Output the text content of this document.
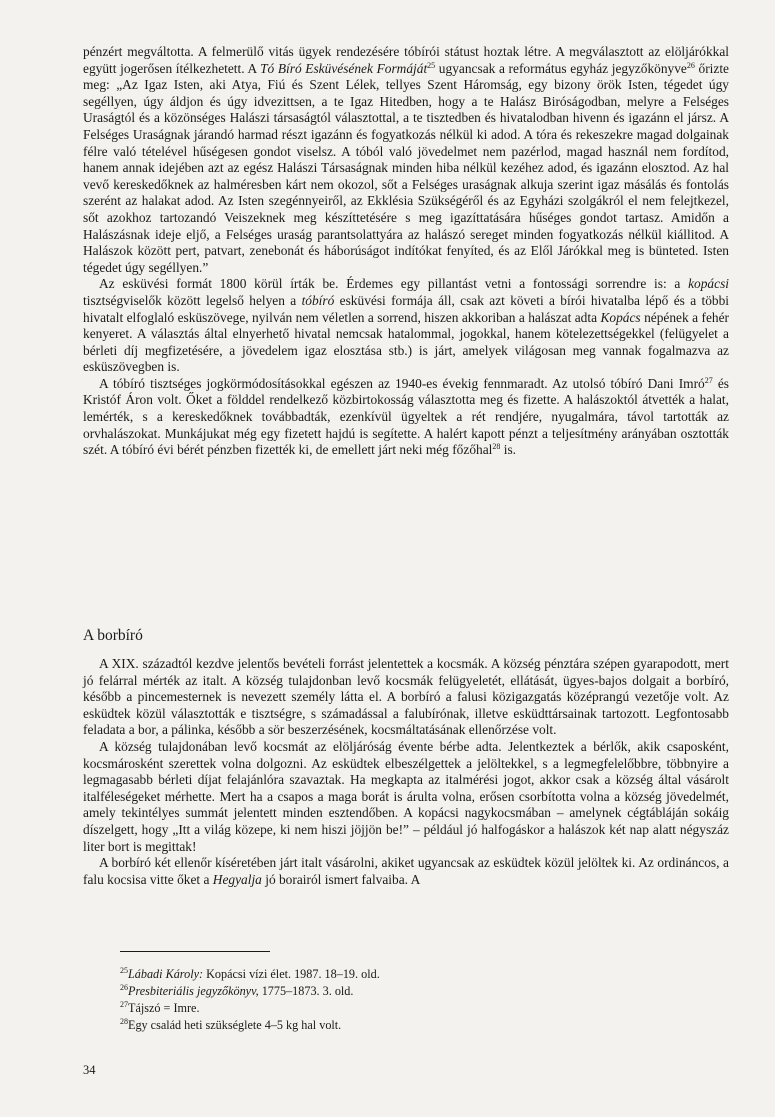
pénzért megváltotta. A felmerülő vitás ügyek rendezésére tóbírói státust hoztak létre. A megválasztott az elöljárókkal együtt jogerősen ítélkezhetett. A Tó Bíró Esküvésének Formáját$^{25}$ ugyancsak a református egyház jegyzőkönyve$^{26}$ őrizte meg: „Az Igaz Isten, aki Atya, Fiú és Szent Lélek, tellyes Szent Háromság, egy bizony örök Isten, tégedet úgy segéllyen, úgy áldjon és úgy idvezittsen, a te Igaz Hitedben, hogy a te Halász Biróságodban, melyre a Felséges Uraságtól és a közönséges Halászi társaságtól választottal, a te tisztedben és hivatalodban hivenn és igazánn el jársz. A Felséges Uraságnak járandó harmad részt igazánn és fogyatkozás nélkül ki adod. A tóra és rekeszekre magad dolgainak félre való tételével hűségesen gondot viselsz. A tóból való jövedelmet nem pazérlod, magad használ nem fordítod, hanem annak idejében azt az egész Halászi Társaságnak minden hiba nélkül kezéhez adod, és igazánn elosztod. Az hal vevő kereskedőknek az halméresben kárt nem okozol, sőt a Felséges uraságnak alkuja szerint igaz másálás és fontolás szerént az halakat adod. Az Isten szegénnyeiről, az Ekklésia Szükségéről és az Egyházi szolgákról el nem felejtkezel, sőt azokhoz tartozandó Veiszeknek meg készíttetésére s meg igazíttatására hűséges gondot tartasz. Amidőn a Halászásnak ideje eljő, a Felséges uraság parantsolattyára az halászó sereget minden fogyatkozás nélkül kiállitod. A Halászok között pert, patvart, zenebonát és háborúságot indítókat fenyíted, és az Elől Járókkal meg is bünteted. Isten tégedet úgy segéllyen.”

Az esküvési formát 1800 körül írták be. Érdemes egy pillantást vetni a fontossági sorrendre is: a kopácsi tisztségviselők között legelső helyen a tóbíró esküvési formája áll, csak azt követi a bírói hivatalba lépő és a többi hivatalt elfoglaló esküszövege, nyilván nem véletlen a sorrend, hiszen akkoriban a halászat adta Kopács népének a fehér kenyeret. A választás által elnyerhető hivatal nemcsak hatalommal, jogokkal, hanem kötelezettségekkel (felügyelet a bérleti díj megfizetésére, a jövedelem igaz elosztása stb.) is járt, amelyek világosan meg vannak fogalmazva az esküszövegben is.

A tóbíró tisztséges jogkörmódosításokkal egészen az 1940-es évekig fennmaradt. Az utolsó tóbíró Dani Imró$^{27}$ és Kristóf Áron volt. Őket a földdel rendelkező közbirtokosság választotta meg és fizette. A halászoktól átvették a halat, lemérték, s a kereskedőknek továbbadták, ezenkívül ügyeltek a rét rendjére, nyugalmára, távol tartották az orvhalászokat. Munkájukat még egy fizetett hajdú is segítette. A halért kapott pénzt a teljesítmény arányában osztották szét. A tóbíró évi bérét pénzben fizették ki, de emellett járt neki még főzőhal$^{28}$ is.

A borbíró

A XIX. századtól kezdve jelentős bevételi forrást jelentettek a kocsmák. A község pénztára szépen gyarapodott, mert jó felárral mérték az italt. A község tulajdonban levő kocsmák felügyeletét, ellátását, ügyes-bajos dolgait a borbíró, később a pincemesternek is nevezett személy látta el. A borbíró a falusi közigazgatás középrangú vezetője volt. Az esküdtek közül választották e tisztségre, s számadással a falubírónak, illetve esküdttársainak tartozott. Legfontosabb feladata a bor, a pálinka, később a sör beszerzésének, kocsmáltatásának ellenőrzése volt.

A község tulajdonában levő kocsmát az elöljáróság évente bérbe adta. Jelentkeztek a bérlők, akik csaposként, kocsmárosként szerettek volna dolgozni. Az esküdtek elbeszélgettek a jelöltekkel, s a legmegfelelőbbre, többnyire a legmagasabb bérleti díjat felajánlóra szavaztak. Ha megkapta az italmérési jogot, akkor csak a község által vásárolt italféleségeket mérhette. Mert ha a csapos a maga borát is árulta volna, erősen csorbította volna a község jövedelmét, amely tekintélyes summát jelentett minden esztendőben. A kopácsi nagykocsmában – amelynek cégtábláján sokáig díszelgett, hogy „Itt a világ közepe, ki nem hiszi jöjjön be!” – például jó halfogáskor a halászok két nap alatt négyszáz liter bort is megittak!

A borbíró két ellenőr kíséretében járt italt vásárolni, akiket ugyancsak az esküdtek közül jelöltek ki. Az ordináncos, a falu kocsisa vitte őket a Hegyalja jó borairól ismert falvaiba. A

$^{25}$Lábadi Károly: Kopácsi vízi élet. 1987. 18–19. old.

$^{26}$Presbiteriális jegyzőkönyv, 1775–1873. 3. old.

$^{27}$Tájszó = Imre.

$^{28}$Egy család heti szükséglete 4–5 kg hal volt.

34
